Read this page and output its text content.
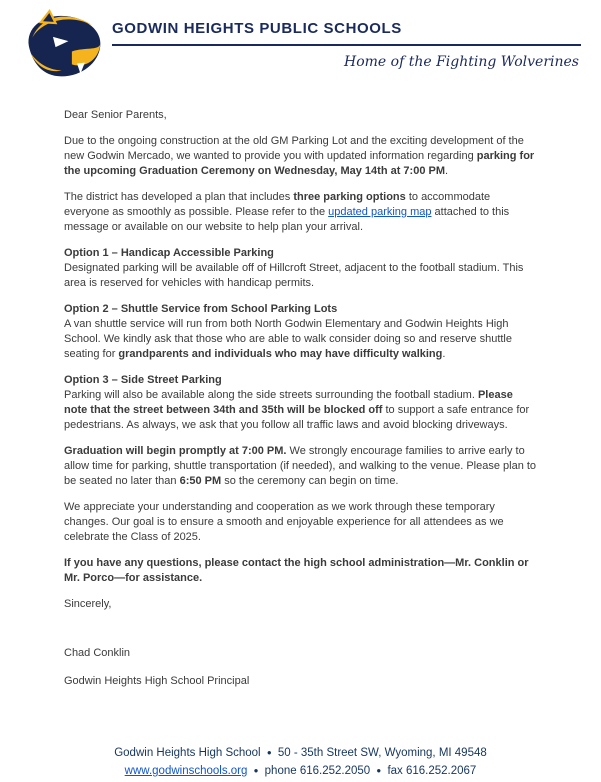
GODWIN HEIGHTS PUBLIC SCHOOLS
Home of the Fighting Wolverines
Dear Senior Parents,
Due to the ongoing construction at the old GM Parking Lot and the exciting development of the new Godwin Mercado, we wanted to provide you with updated information regarding parking for the upcoming Graduation Ceremony on Wednesday, May 14th at 7:00 PM.
The district has developed a plan that includes three parking options to accommodate everyone as smoothly as possible. Please refer to the updated parking map attached to this message or available on our website to help plan your arrival.
Option 1 – Handicap Accessible Parking
Designated parking will be available off of Hillcroft Street, adjacent to the football stadium. This area is reserved for vehicles with handicap permits.
Option 2 – Shuttle Service from School Parking Lots
A van shuttle service will run from both North Godwin Elementary and Godwin Heights High School. We kindly ask that those who are able to walk consider doing so and reserve shuttle seating for grandparents and individuals who may have difficulty walking.
Option 3 – Side Street Parking
Parking will also be available along the side streets surrounding the football stadium. Please note that the street between 34th and 35th will be blocked off to support a safe entrance for pedestrians. As always, we ask that you follow all traffic laws and avoid blocking driveways.
Graduation will begin promptly at 7:00 PM. We strongly encourage families to arrive early to allow time for parking, shuttle transportation (if needed), and walking to the venue. Please plan to be seated no later than 6:50 PM so the ceremony can begin on time.
We appreciate your understanding and cooperation as we work through these temporary changes. Our goal is to ensure a smooth and enjoyable experience for all attendees as we celebrate the Class of 2025.
If you have any questions, please contact the high school administration—Mr. Conklin or Mr. Porco—for assistance.
Sincerely,
Chad Conklin
Godwin Heights High School Principal
Godwin Heights High School ● 50 - 35th Street SW, Wyoming, MI 49548
www.godwinschools.org ● phone 616.252.2050 ● fax 616.252.2067
